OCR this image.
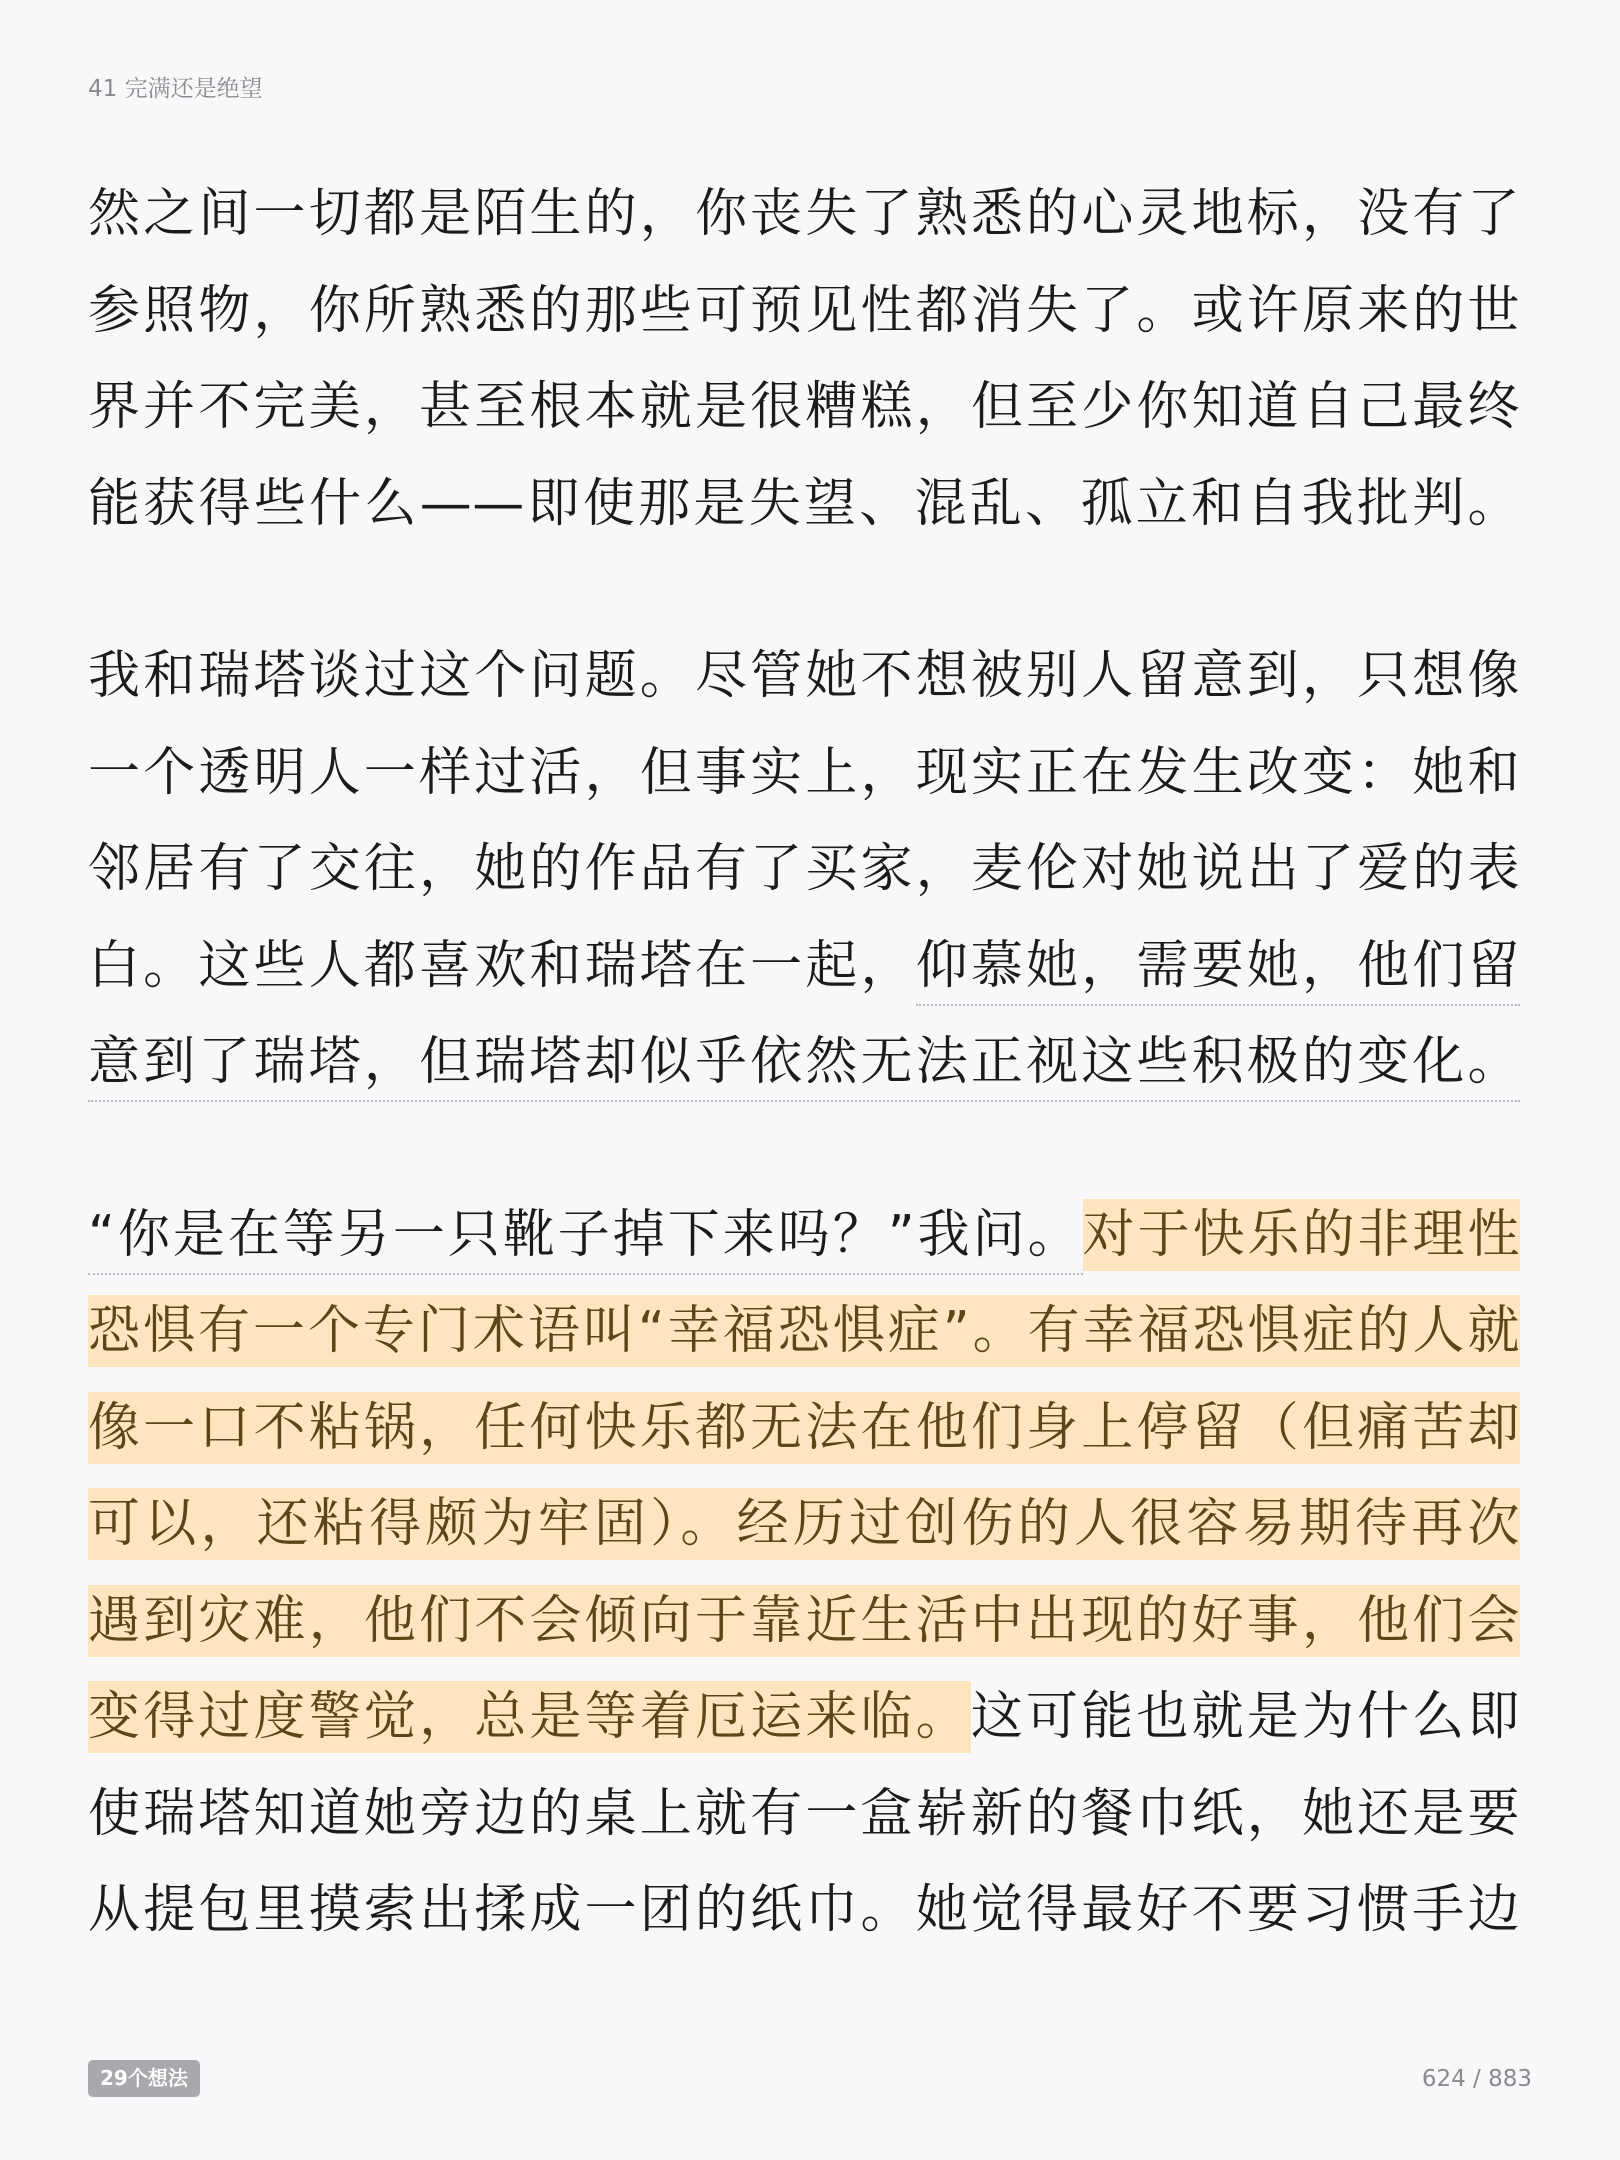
41 完满还是绝望
然之间一切都是陌生的，你丧失了熟悉的心灵地标，没有了
参照物，你所熟悉的那些可预见性都消失了。或许原来的世
界并不完美，甚至根本就是很糟糕，但至少你知道自己最终
能获得些什么——即使那是失望、混乱、孤立和自我批判。
我和瑞塔谈过这个问题。尽管她不想被别人留意到，只想像
一个透明人一样过活，但事实上，现实正在发生改变：她和
邻居有了交往，她的作品有了买家，麦伦对她说出了爱的表
白。这些人都喜欢和瑞塔在一起，仰慕她，需要她，他们留
意到了瑞塔，但瑞塔却似乎依然无法正视这些积极的变化。
“你是在等另一只靴子掉下来吗？”我问。对于快乐的非理性
恐惧有一个专门术语叫“幸福恐惧症”。有幸福恐惧症的人就
像一口不粘锅，任何快乐都无法在他们身上停留（但痛苦却
可以，还粘得颇为牢固）。经历过创伤的人很容易期待再次
遇到灾难，他们不会倾向于靠近生活中出现的好事，他们会
变得过度警觉，总是等着厄运来临。这可能也就是为什么即
使瑞塔知道她旁边的桌上就有一盒崭新的餐巾纸，她还是要
从提包里摸索出揉成一团的纸巾。她觉得最好不要习惯手边
29个想法	624 / 883
